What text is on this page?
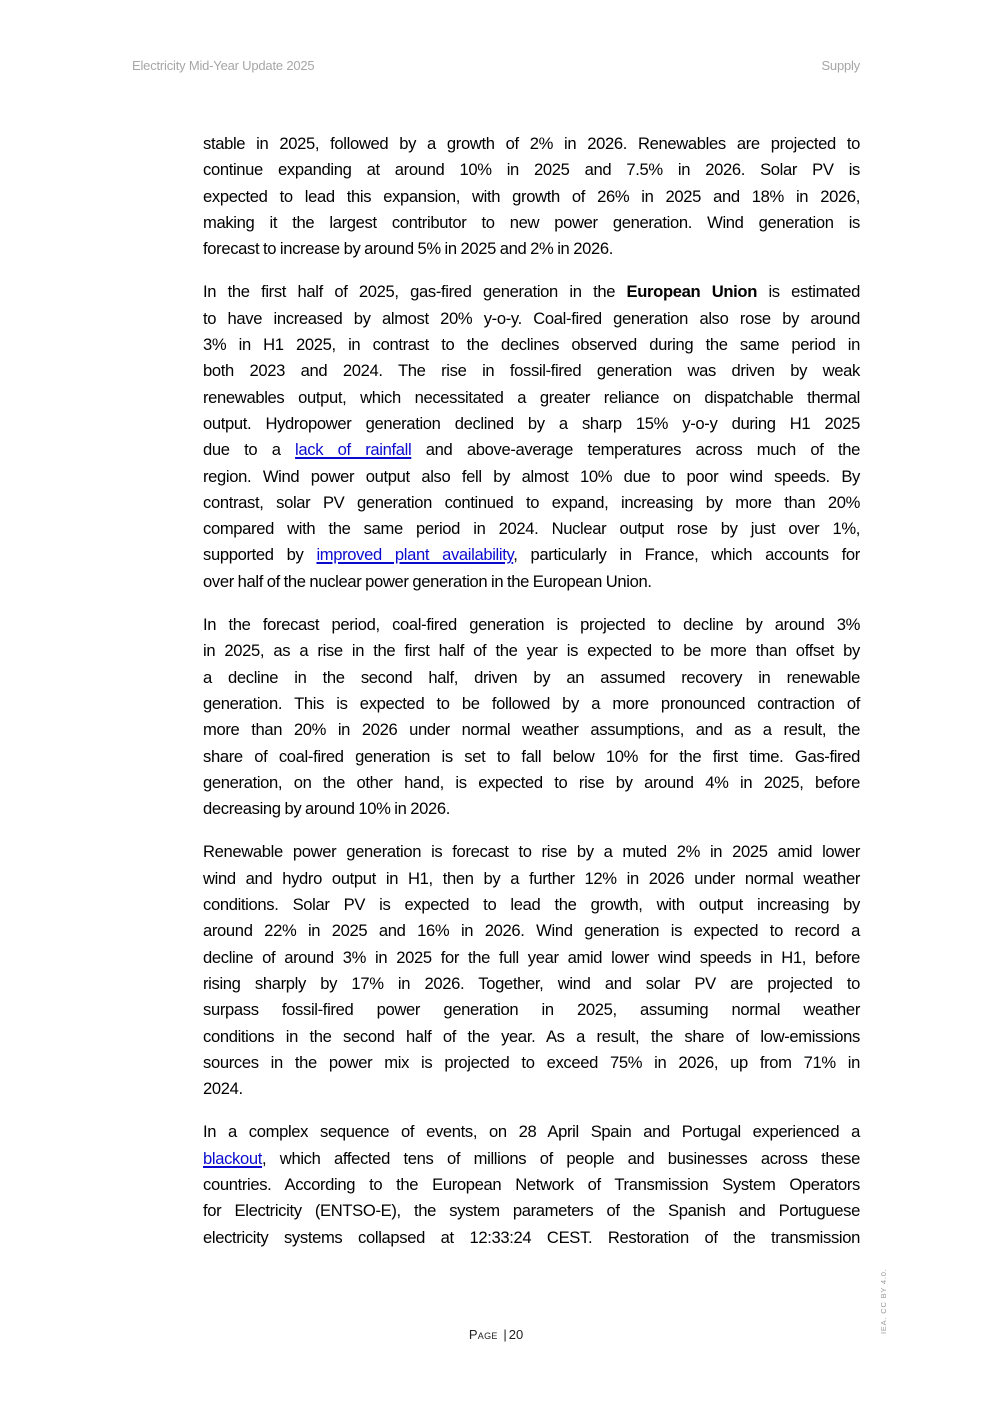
Electricity Mid-Year Update 2025	Supply

stable in 2025, followed by a growth of 2% in 2026. Renewables are projected to
continue expanding at around 10% in 2025 and 7.5% in 2026. Solar PV is
expected to lead this expansion, with growth of 26% in 2025 and 18% in 2026,
making it the largest contributor to new power generation. Wind generation is
forecast to increase by around 5% in 2025 and 2% in 2026.

In the first half of 2025, gas-fired generation in the European Union is estimated
to have increased by almost 20% y-o-y. Coal-fired generation also rose by around
3% in H1 2025, in contrast to the declines observed during the same period in
both 2023 and 2024. The rise in fossil-fired generation was driven by weak
renewables output, which necessitated a greater reliance on dispatchable thermal
output. Hydropower generation declined by a sharp 15% y-o-y during H1 2025
due to a lack of rainfall and above-average temperatures across much of the
region. Wind power output also fell by almost 10% due to poor wind speeds. By
contrast, solar PV generation continued to expand, increasing by more than 20%
compared with the same period in 2024. Nuclear output rose by just over 1%,
supported by improved plant availability, particularly in France, which accounts for
over half of the nuclear power generation in the European Union.

In the forecast period, coal-fired generation is projected to decline by around 3%
in 2025, as a rise in the first half of the year is expected to be more than offset by
a decline in the second half, driven by an assumed recovery in renewable
generation. This is expected to be followed by a more pronounced contraction of
more than 20% in 2026 under normal weather assumptions, and as a result, the
share of coal-fired generation is set to fall below 10% for the first time. Gas-fired
generation, on the other hand, is expected to rise by around 4% in 2025, before
decreasing by around 10% in 2026.

Renewable power generation is forecast to rise by a muted 2% in 2025 amid lower
wind and hydro output in H1, then by a further 12% in 2026 under normal weather
conditions. Solar PV is expected to lead the growth, with output increasing by
around 22% in 2025 and 16% in 2026. Wind generation is expected to record a
decline of around 3% in 2025 for the full year amid lower wind speeds in H1, before
rising sharply by 17% in 2026. Together, wind and solar PV are projected to
surpass fossil-fired power generation in 2025, assuming normal weather
conditions in the second half of the year. As a result, the share of low-emissions
sources in the power mix is projected to exceed 75% in 2026, up from 71% in
2024.

In a complex sequence of events, on 28 April Spain and Portugal experienced a
blackout, which affected tens of millions of people and businesses across these
countries. According to the European Network of Transmission System Operators
for Electricity (ENTSO-E), the system parameters of the Spanish and Portuguese
electricity systems collapsed at 12:33:24 CEST. Restoration of the transmission

Page | 20
IEA. CC BY 4.0.
